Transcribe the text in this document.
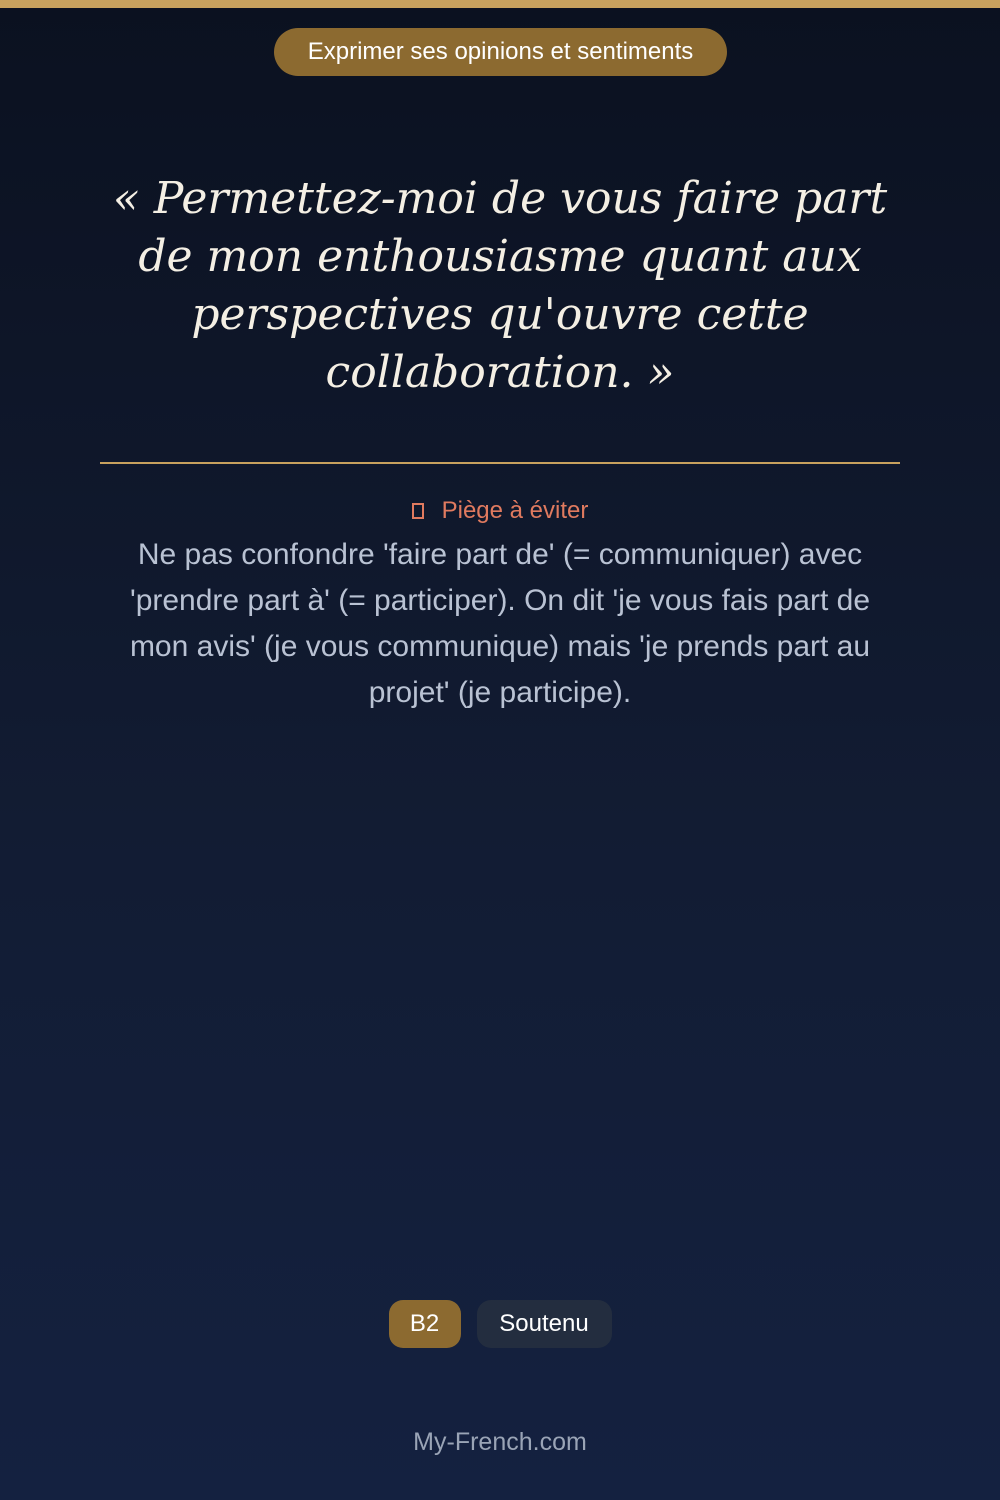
Exprimer ses opinions et sentiments

« Permettez-moi de vous faire part de mon enthousiasme quant aux perspectives qu'ouvre cette collaboration. »

Piège à éviter

Ne pas confondre 'faire part de' (= communiquer) avec 'prendre part à' (= participer). On dit 'je vous fais part de mon avis' (je vous communique) mais 'je prends part au projet' (je participe).

B2	Soutenu
My-French.com
